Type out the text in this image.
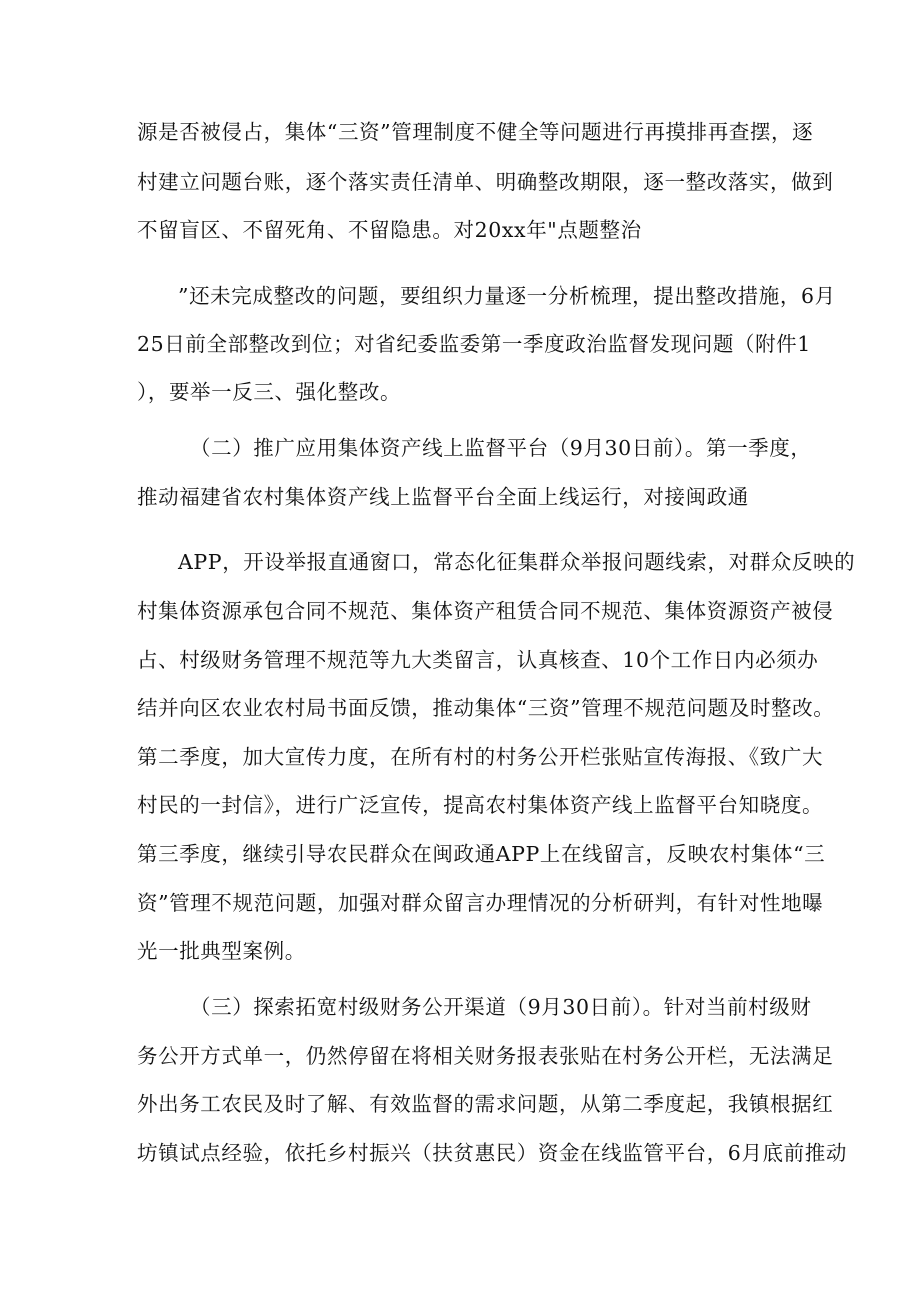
源是否被侵占，集体“三资”管理制度不健全等问题进行再摸排再查摆，逐
村建立问题台账，逐个落实责任清单、明确整改期限，逐一整改落实，做到
不留盲区、不留死角、不留隐患。对20xx年"点题整治
”还未完成整改的问题，要组织力量逐一分析梳理，提出整改措施，6月
25日前全部整改到位；对省纪委监委第一季度政治监督发现问题（附件1
），要举一反三、强化整改。
（二）推广应用集体资产线上监督平台（9月30日前）。第一季度，
推动福建省农村集体资产线上监督平台全面上线运行，对接闽政通
APP，开设举报直通窗口，常态化征集群众举报问题线索，对群众反映的
村集体资源承包合同不规范、集体资产租赁合同不规范、集体资源资产被侵
占、村级财务管理不规范等九大类留言，认真核查、10个工作日内必须办
结并向区农业农村局书面反馈，推动集体“三资”管理不规范问题及时整改。
第二季度，加大宣传力度，在所有村的村务公开栏张贴宣传海报、《致广大
村民的一封信》，进行广泛宣传，提高农村集体资产线上监督平台知晓度。
第三季度，继续引导农民群众在闽政通APP上在线留言，反映农村集体“三
资”管理不规范问题，加强对群众留言办理情况的分析研判，有针对性地曝
光一批典型案例。
（三）探索拓宽村级财务公开渠道（9月30日前）。针对当前村级财
务公开方式单一，仍然停留在将相关财务报表张贴在村务公开栏，无法满足
外出务工农民及时了解、有效监督的需求问题，从第二季度起，我镇根据红
坊镇试点经验，依托乡村振兴（扶贫惠民）资金在线监管平台，6月底前推动
